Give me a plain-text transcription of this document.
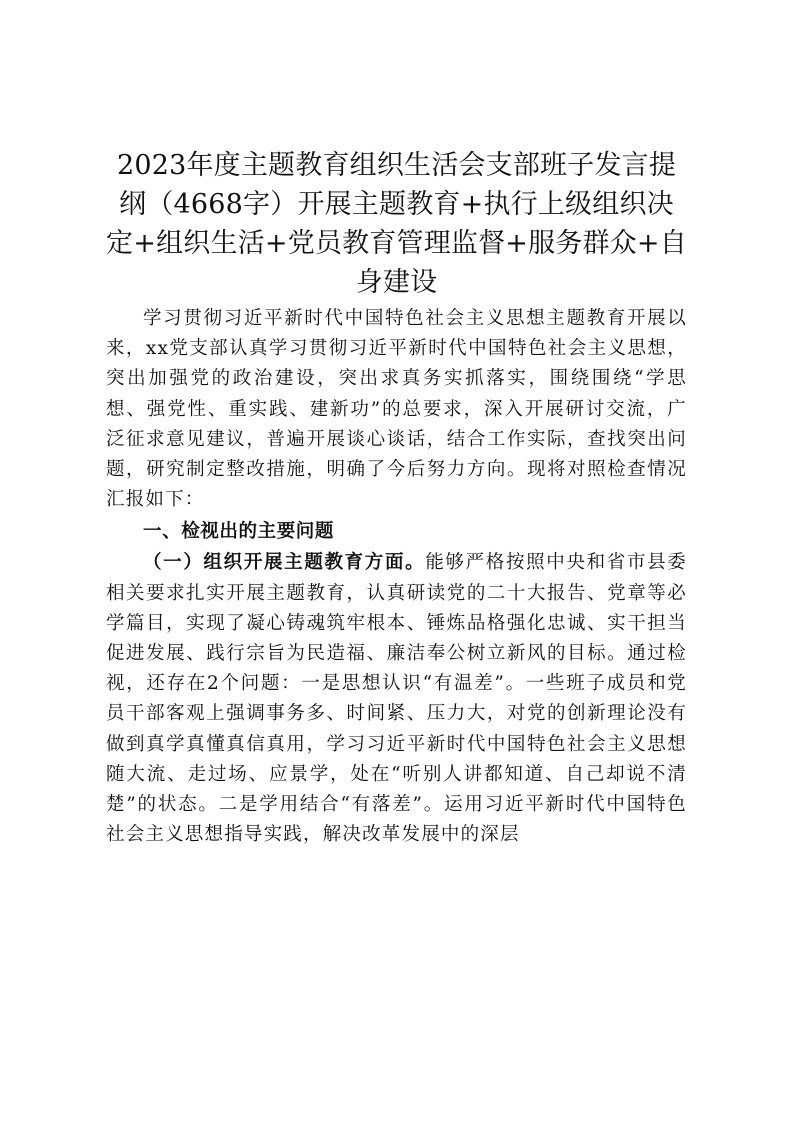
2023年度主题教育组织生活会支部班子发言提纲（4668字）开展主题教育+执行上级组织决定+组织生活+党员教育管理监督+服务群众+自身建设

学习贯彻习近平新时代中国特色社会主义思想主题教育开展以来，xx党支部认真学习贯彻习近平新时代中国特色社会主义思想，突出加强党的政治建设，突出求真务实抓落实，围绕围绕“学思想、强党性、重实践、建新功”的总要求，深入开展研讨交流，广泛征求意见建议，普遍开展谈心谈话，结合工作实际，查找突出问题，研究制定整改措施，明确了今后努力方向。现将对照检查情况汇报如下：

一、检视出的主要问题

（一）组织开展主题教育方面。能够严格按照中央和省市县委相关要求扎实开展主题教育，认真研读党的二十大报告、党章等必学篇目，实现了凝心铸魂筑牢根本、锤炼品格强化忠诚、实干担当促进发展、践行宗旨为民造福、廉洁奉公树立新风的目标。通过检视，还存在2个问题：一是思想认识“有温差”。一些班子成员和党员干部客观上强调事务多、时间紧、压力大，对党的创新理论没有做到真学真懂真信真用，学习习近平新时代中国特色社会主义思想随大流、走过场、应景学，处在“听别人讲都知道、自己却说不清楚”的状态。二是学用结合“有落差”。运用习近平新时代中国特色社会主义思想指导实践，解决改革发展中的深层
